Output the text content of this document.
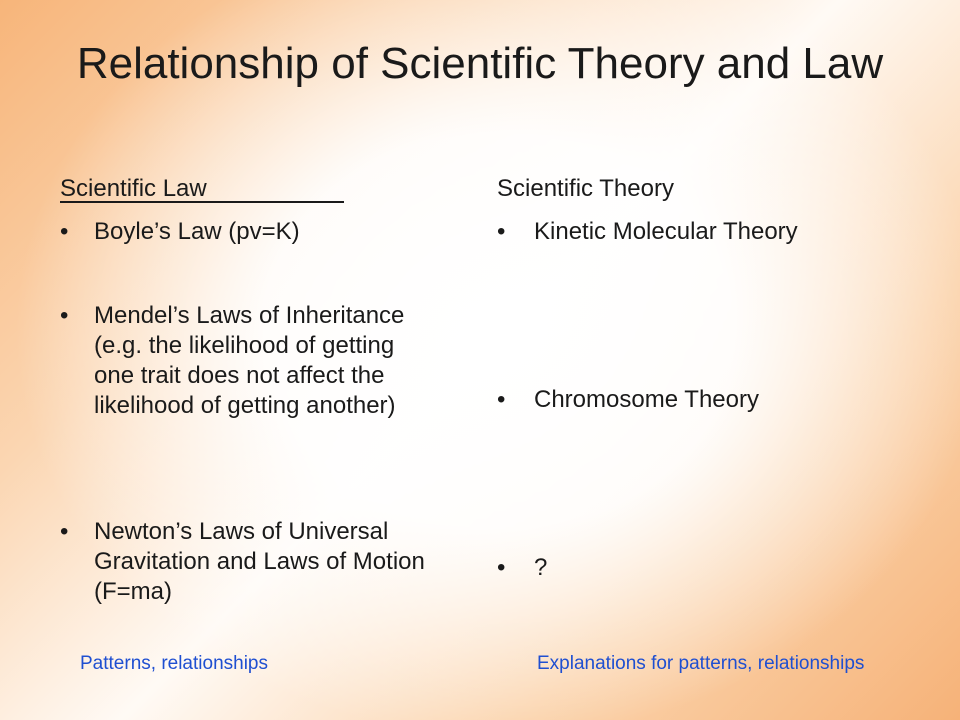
Relationship of Scientific Theory and Law
Scientific Law
•	Boyle’s Law (pv=K)
•	Mendel’s Laws of Inheritance (e.g. the likelihood of getting one trait does not affect the likelihood of getting another)
•	Newton’s Laws of Universal Gravitation and Laws of Motion (F=ma)
Patterns, relationships
Scientific Theory
•	Kinetic Molecular Theory
•	Chromosome Theory
•	?
Explanations for patterns, relationships
